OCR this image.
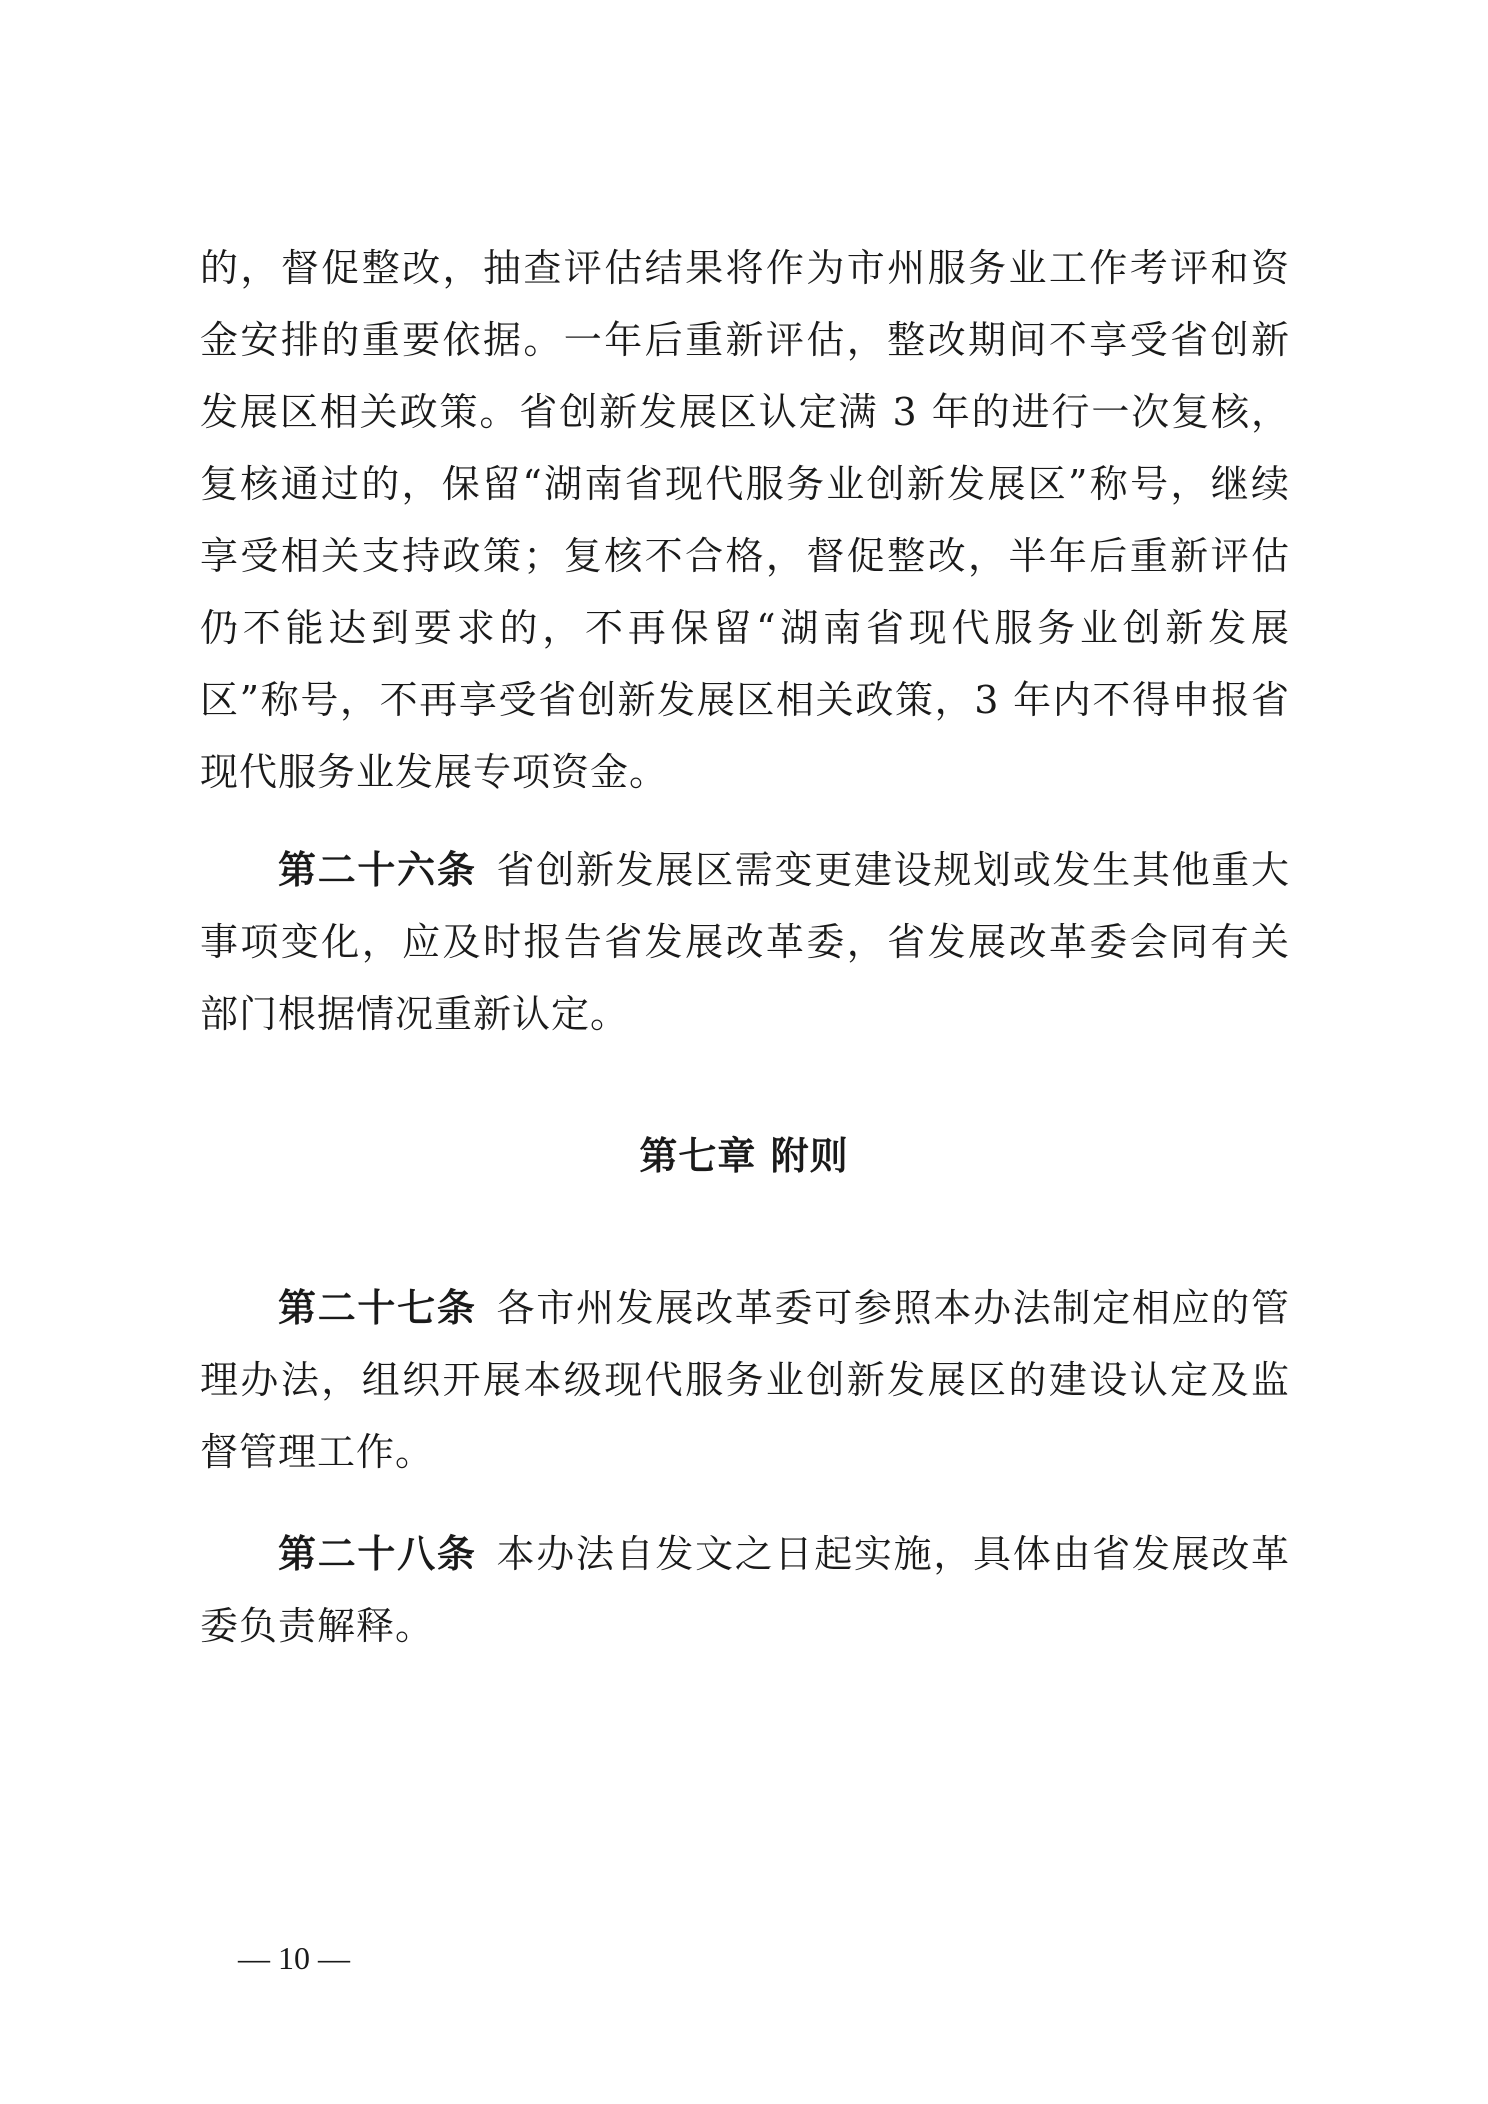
的，督促整改，抽查评估结果将作为市州服务业工作考评和资金安排的重要依据。一年后重新评估，整改期间不享受省创新发展区相关政策。省创新发展区认定满 3 年的进行一次复核，复核通过的，保留“湖南省现代服务业创新发展区”称号，继续享受相关支持政策；复核不合格，督促整改，半年后重新评估仍不能达到要求的，不再保留“湖南省现代服务业创新发展区”称号，不再享受省创新发展区相关政策，3 年内不得申报省现代服务业发展专项资金。

第二十六条 省创新发展区需变更建设规划或发生其他重大事项变化，应及时报告省发展改革委，省发展改革委会同有关部门根据情况重新认定。

第七章 附则

第二十七条 各市州发展改革委可参照本办法制定相应的管理办法，组织开展本级现代服务业创新发展区的建设认定及监督管理工作。

第二十八条 本办法自发文之日起实施，具体由省发展改革委负责解释。

— 10 —
